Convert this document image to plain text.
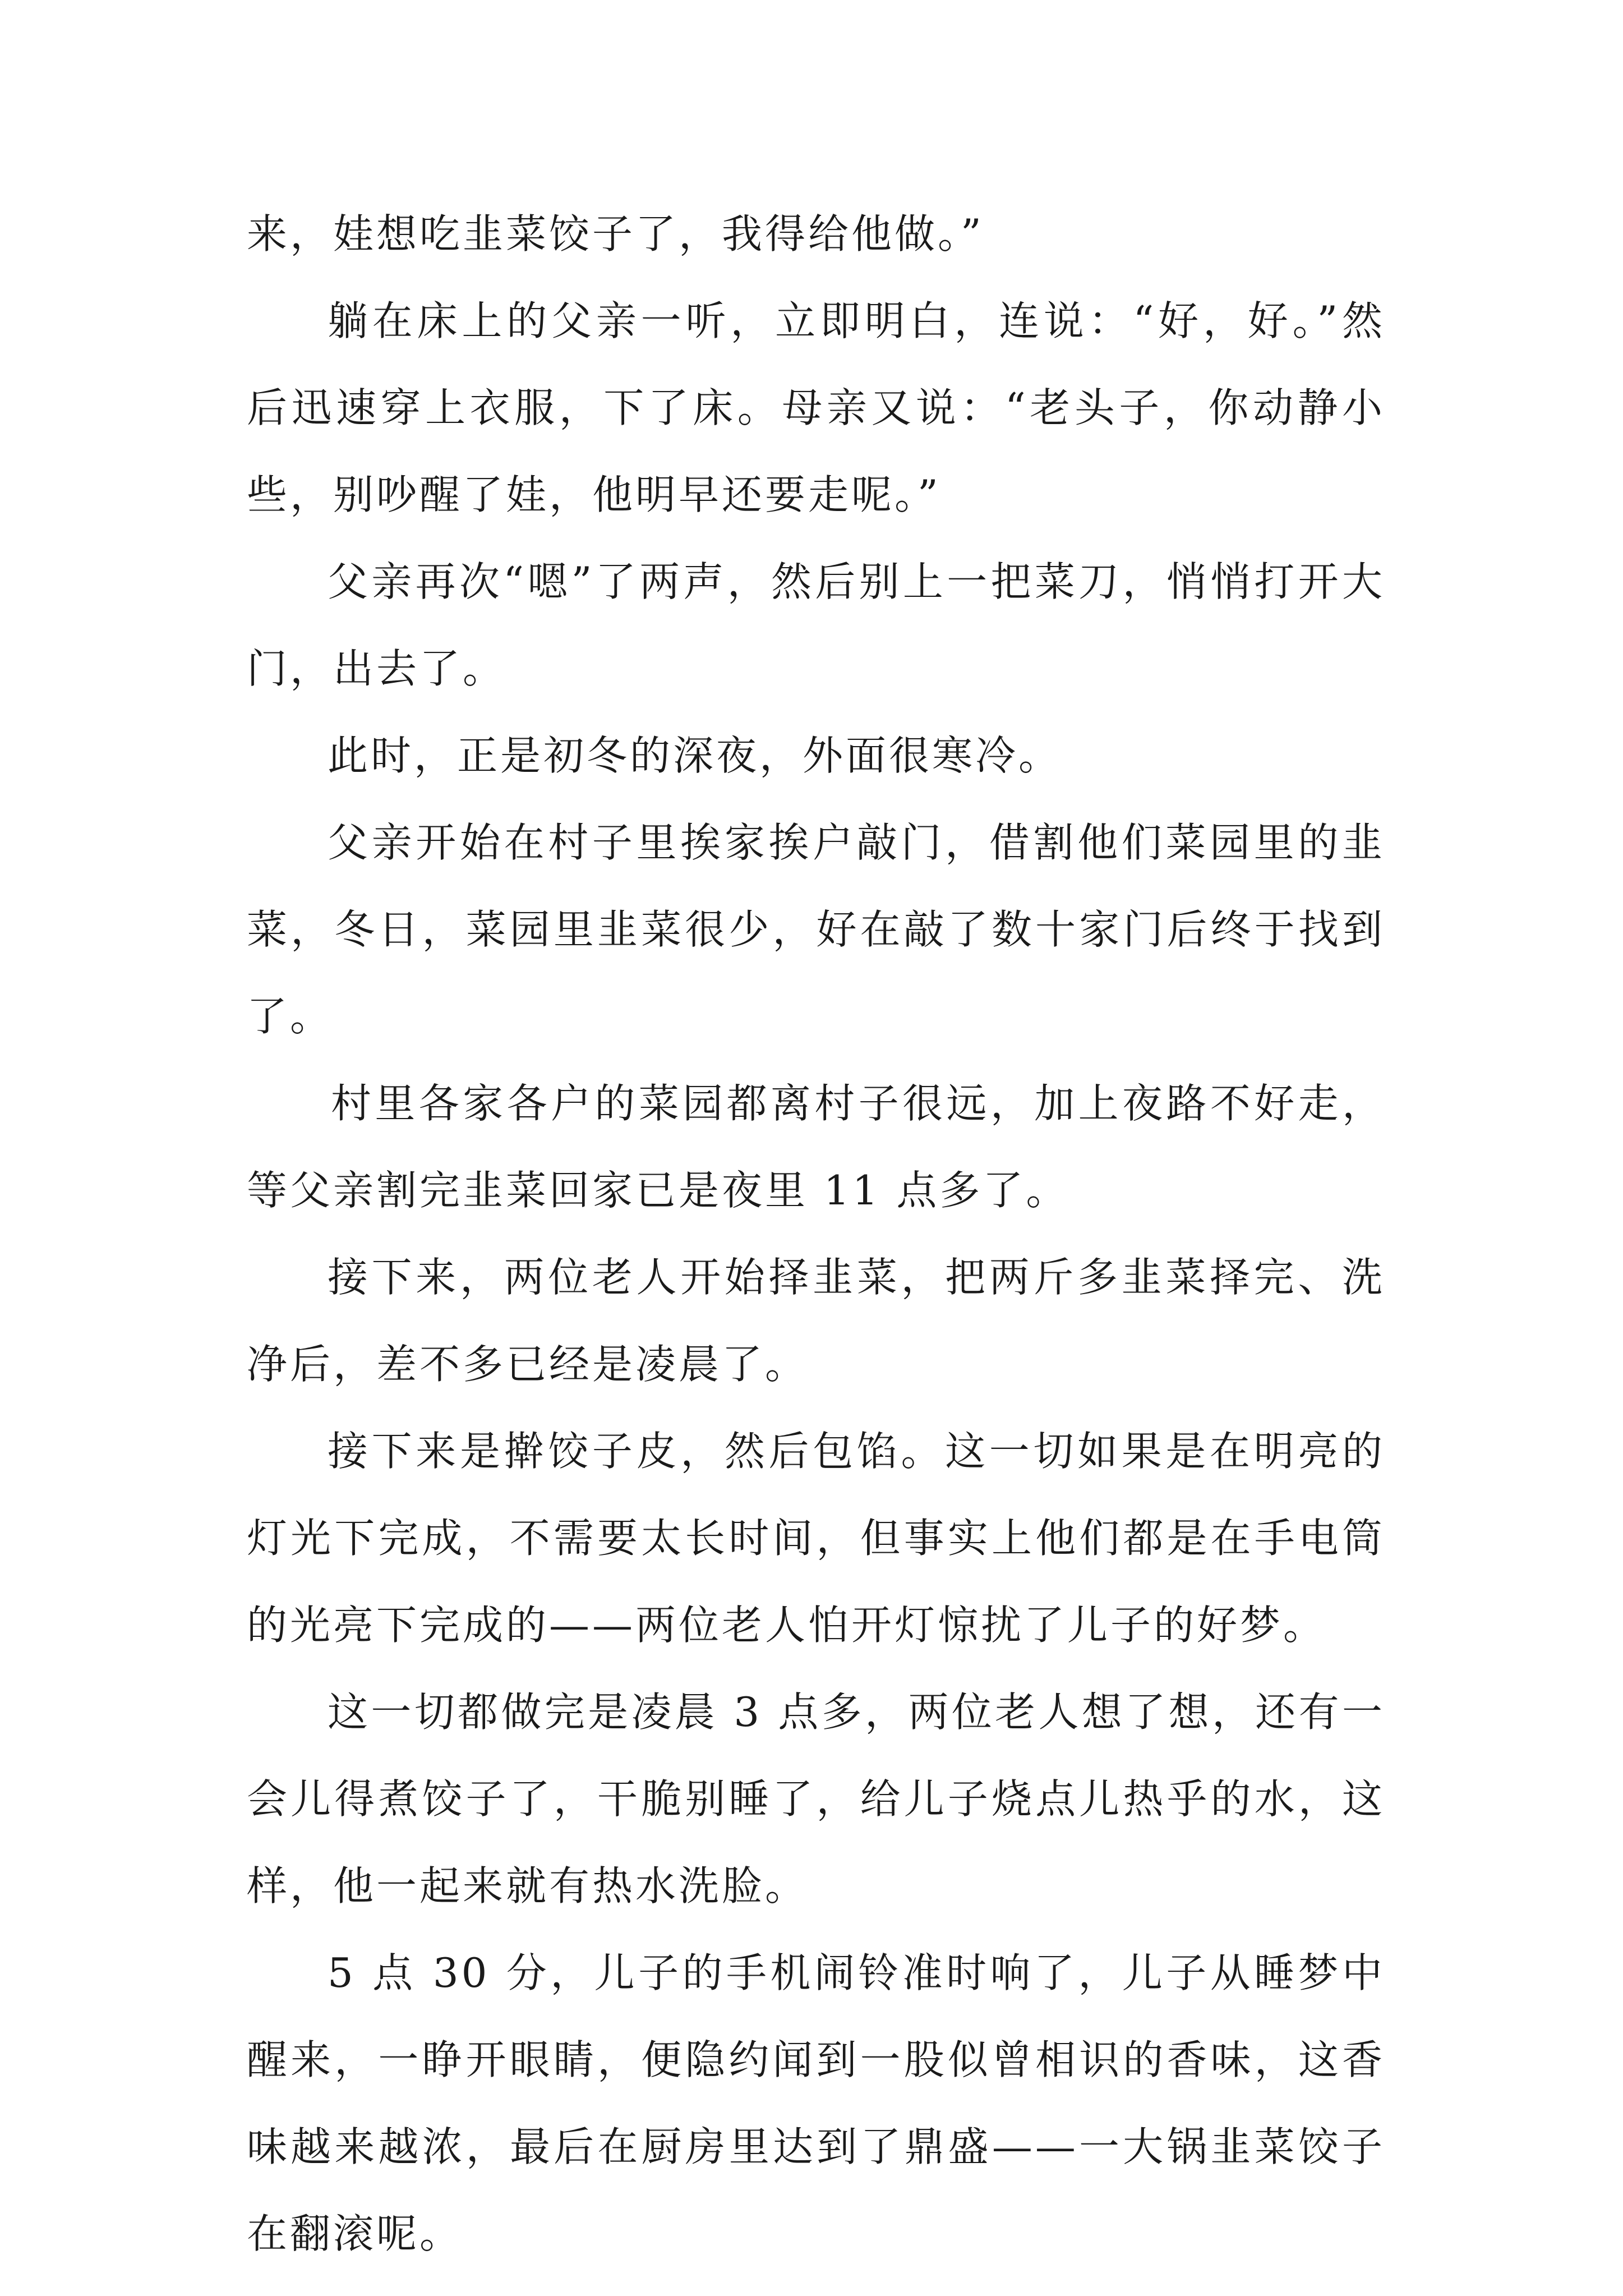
来，娃想吃韭菜饺子了，我得给他做。”

躺在床上的父亲一听，立即明白，连说：“好，好。”然后迅速穿上衣服，下了床。母亲又说：“老头子，你动静小些，别吵醒了娃，他明早还要走呢。”

父亲再次“嗯”了两声，然后别上一把菜刀，悄悄打开大门，出去了。

此时，正是初冬的深夜，外面很寒冷。

父亲开始在村子里挨家挨户敲门，借割他们菜园里的韭菜，冬日，菜园里韭菜很少，好在敲了数十家门后终于找到了。

村里各家各户的菜园都离村子很远，加上夜路不好走，等父亲割完韭菜回家已是夜里 11 点多了。

接下来，两位老人开始择韭菜，把两斤多韭菜择完、洗净后，差不多已经是凌晨了。

接下来是擀饺子皮，然后包馅。这一切如果是在明亮的灯光下完成，不需要太长时间，但事实上他们都是在手电筒的光亮下完成的——两位老人怕开灯惊扰了儿子的好梦。

这一切都做完是凌晨 3 点多，两位老人想了想，还有一会儿得煮饺子了，干脆别睡了，给儿子烧点儿热乎的水，这样，他一起来就有热水洗脸。

5 点 30 分，儿子的手机闹铃准时响了，儿子从睡梦中醒来，一睁开眼睛，便隐约闻到一股似曾相识的香味，这香味越来越浓，最后在厨房里达到了鼎盛——一大锅韭菜饺子在翻滚呢。
